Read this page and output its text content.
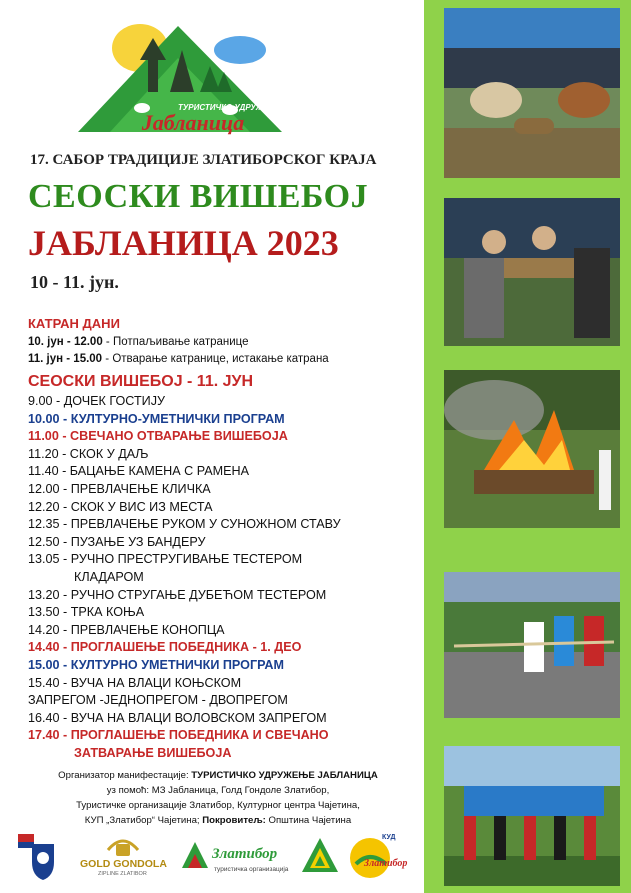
ТУРИСТИЧКО УДРУЖЕЊЕ
Јабланица
17. САБОР ТРАДИЦИЈЕ ЗЛАТИБОРСКОГ КРАЈА
СЕОСКИ ВИШЕБОЈ
ЈАБЛАНИЦА 2023
10 - 11. јун.
КАТРАН ДАНИ
10. јун - 12.00 - Потпаљивање катранице
11. јун - 15.00 - Отварање катранице, истакање катрана
СЕОСКИ ВИШЕБОЈ - 11. ЈУН
9.00 - ДОЧЕК ГОСТИЈУ
10.00 - КУЛТУРНО-УМЕТНИЧКИ ПРОГРАМ
11.00 - СВЕЧАНО ОТВАРАЊЕ ВИШЕБОЈА
11.20 - СКОК У ДАЉ
11.40 - БАЦАЊЕ КАМЕНА С РАМЕНА
12.00 - ПРЕВЛАЧЕЊЕ КЛИЧКА
12.20 - СКОК У ВИС ИЗ МЕСТА
12.35 - ПРЕВЛАЧЕЊЕ РУКОМ У СУНОЖНОМ СТАВУ
12.50 - ПУЗАЊЕ УЗ БАНДЕРУ
13.05 - РУЧНО ПРЕСТРУГИВАЊЕ ТЕСТЕРОМ
КЛАДАРОМ
13.20 - РУЧНО СТРУГАЊЕ ДУБЕЋОМ ТЕСТЕРОМ
13.50 - ТРКА КОЊА
14.20 - ПРЕВЛАЧЕЊЕ КОНОПЦА
14.40 - ПРОГЛАШЕЊЕ ПОБЕДНИКА - 1. ДЕО
15.00 - КУЛТУРНО УМЕТНИЧКИ ПРОГРАМ
15.40 - ВУЧА НА ВЛАЦИ КОЊСКОМ
ЗАПРЕГОМ -ЈЕДНОПРЕГОМ - ДВОПРЕГОМ
16.40 - ВУЧА НА ВЛАЦИ ВОЛОВСКОМ ЗАПРЕГОМ
17.40 - ПРОГЛАШЕЊЕ ПОБЕДНИКА И СВЕЧАНО
ЗАТВАРАЊЕ ВИШЕБОЈА
Организатор манифестације: ТУРИСТИЧКО УДРУЖЕЊЕ ЈАБЛАНИЦА
уз помоћ: МЗ Јабланица, Голд Гондоле Златибор,
Туристичке организације Златибор, Културног центра Чајетина,
КУП „Златибор“ Чајетина; Покровитељ: Општина Чајетина
GOLD GONDOLA
ZIPLINE ZLATIBOR
Златибор
туристичка организација
КУД
Златибор
